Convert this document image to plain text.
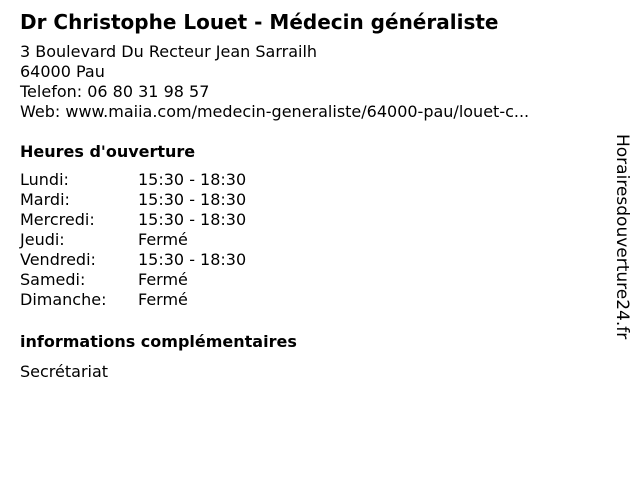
Dr Christophe Louet - Médecin généraliste
3 Boulevard Du Recteur Jean Sarrailh
64000 Pau
Telefon: 06 80 31 98 57
Web: www.maiia.com/medecin-generaliste/64000-pau/louet-c...
Heures d'ouverture
Lundi:	15:30 - 18:30
Mardi:	15:30 - 18:30
Mercredi:	15:30 - 18:30
Jeudi:	Fermé
Vendredi:	15:30 - 18:30
Samedi:	Fermé
Dimanche: Fermé
informations complémentaires
Secrétariat
Horairesdouverture24.fr
